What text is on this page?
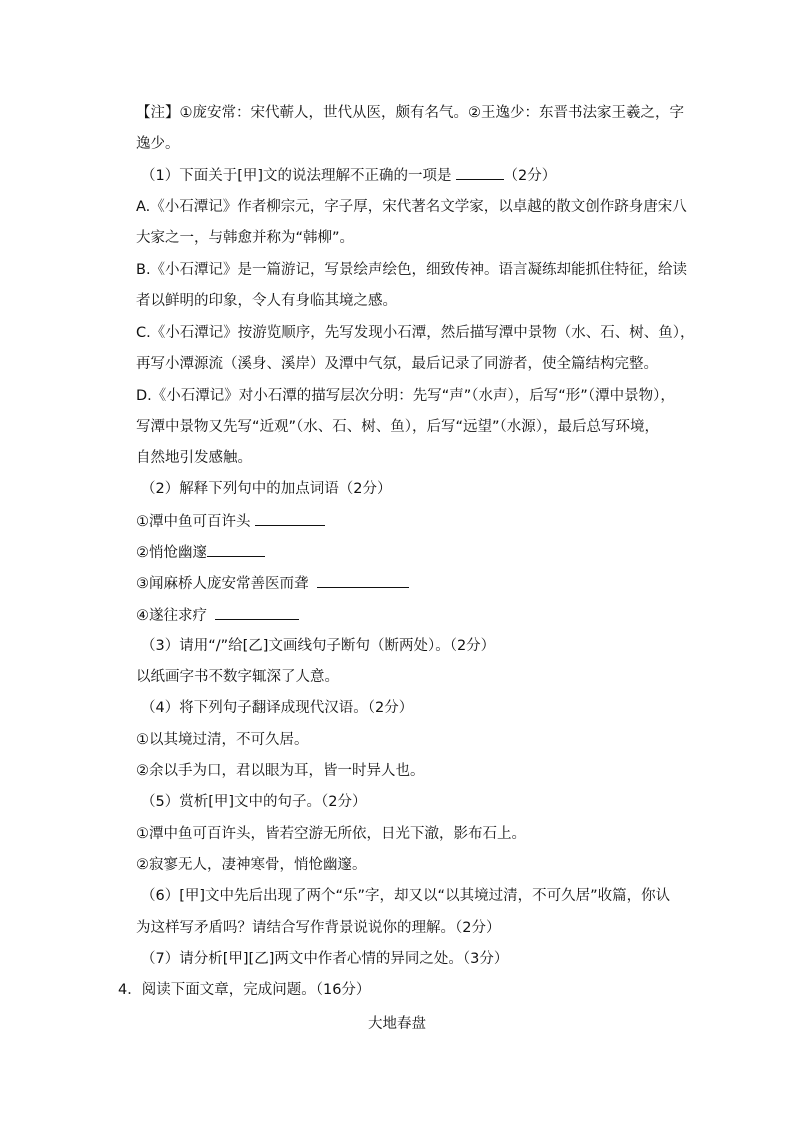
【注】①庞安常：宋代蕲人，世代从医，颇有名气。②王逸少：东晋书法家王羲之，字
逸少。
（1）下面关于[甲]文的说法理解不正确的一项是	（2分）
A.《小石潭记》作者柳宗元，字子厚，宋代著名文学家，以卓越的散文创作跻身唐宋八
大家之一，与韩愈并称为“韩柳”。
B.《小石潭记》是一篇游记，写景绘声绘色，细致传神。语言凝练却能抓住特征，给读
者以鲜明的印象，令人有身临其境之感。
C.《小石潭记》按游览顺序，先写发现小石潭，然后描写潭中景物（水、石、树、鱼），
再写小潭源流（溪身、溪岸）及潭中气氛，最后记录了同游者，使全篇结构完整。
D.《小石潭记》对小石潭的描写层次分明：先写“声”（水声），后写“形”（潭中景物），
写潭中景物又先写“近观”（水、石、树、鱼），后写“远望”（水源），最后总写环境，
自然地引发感触。
（2）解释下列句中的加点词语（2分）
①潭中鱼可百许头
②悄怆幽邃
③闻麻桥人庞安常善医而聋
④遂往求疗
（3）请用“/”给[乙]文画线句子断句（断两处）。（2分）
以纸画字书不数字辄深了人意。
（4）将下列句子翻译成现代汉语。（2分）
①以其境过清，不可久居。
②余以手为口，君以眼为耳，皆一时异人也。
（5）赏析[甲]文中的句子。（2分）
①潭中鱼可百许头，皆若空游无所依，日光下澈，影布石上。
②寂寥无人，凄神寒骨，悄怆幽邃。
（6）[甲]文中先后出现了两个“乐”字，却又以“以其境过清，不可久居”收篇，你认
为这样写矛盾吗？请结合写作背景说说你的理解。（2分）
（7）请分析[甲][乙]两文中作者心情的异同之处。（3分）
4．阅读下面文章，完成问题。（16分）
大地春盘
